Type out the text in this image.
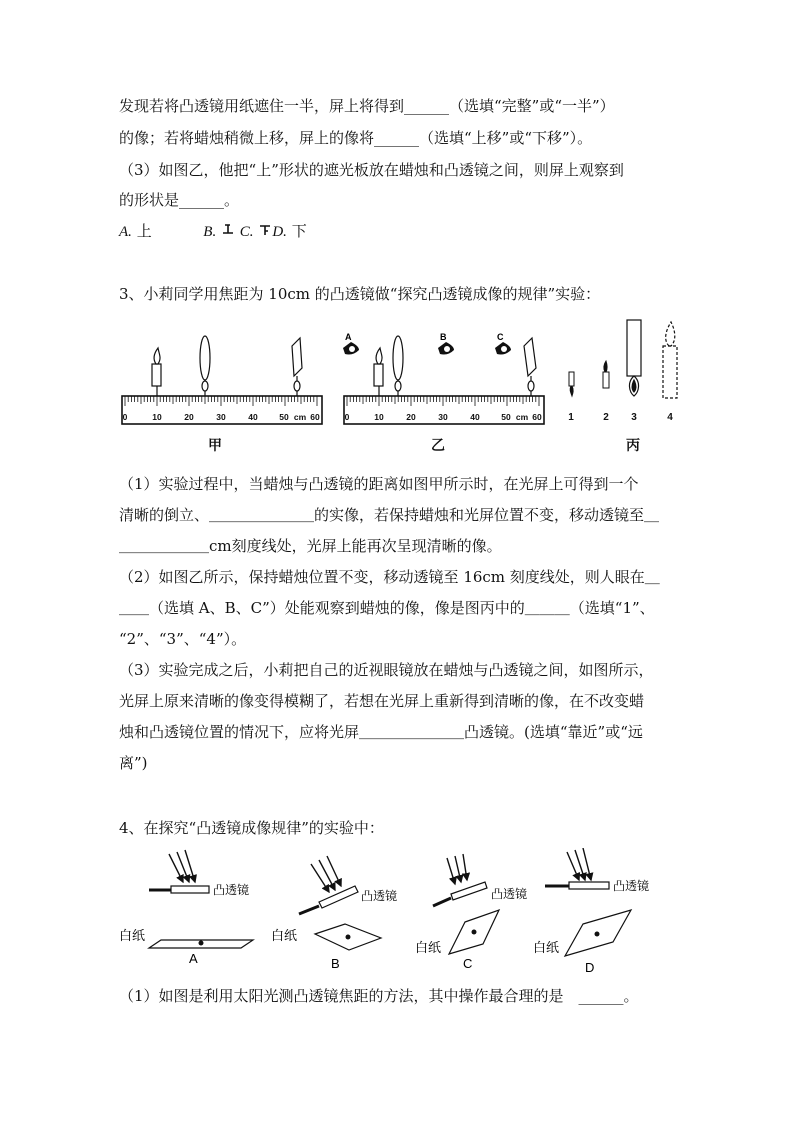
发现若将凸透镜用纸遮住一半，屏上将得到______（选填“完整”或“一半”）
的像；若将蜡烛稍微上移，屏上的像将______（选填“上移”或“下移”）。
（3）如图乙，他把“上”形状的遮光板放在蜡烛和凸透镜之间，则屏上观察到
的形状是______。
A. 上	B. C. D. 下
3、小莉同学用焦距为 10cm 的凸透镜做“探究凸透镜成像的规律”实验：
0	10	20	30	40	50 cm 60
甲
0	10	20	30	40	50 cm 60
A	B	C
乙
1	2 3	4
丙
（1）实验过程中，当蜡烛与凸透镜的距离如图甲所示时，在光屏上可得到一个
清晰的倒立、＿＿＿＿＿＿＿的实像，若保持蜡烛和光屏位置不变，移动透镜至＿
＿＿＿＿＿＿cm刻度线处，光屏上能再次呈现清晰的像。
（2）如图乙所示，保持蜡烛位置不变，移动透镜至 16cm 刻度线处，则人眼在＿
＿＿（选填 A、B、C”）处能观察到蜡烛的像，像是图丙中的＿＿＿（选填“1”、
“2”、“3”、“4”）。
（3）实验完成之后，小莉把自己的近视眼镜放在蜡烛与凸透镜之间，如图所示，
光屏上原来清晰的像变得模糊了，若想在光屏上重新得到清晰的像，在不改变蜡
烛和凸透镜位置的情况下，应将光屏＿＿＿＿＿＿＿凸透镜。(选填“靠近”或“远
离”)
4、在探究“凸透镜成像规律”的实验中：
凸透镜
白纸
A
凸透镜
白纸
B
凸透镜
白纸
C
凸透镜
白纸
D
（1）如图是利用太阳光测凸透镜焦距的方法，其中操作最合理的是　______。
